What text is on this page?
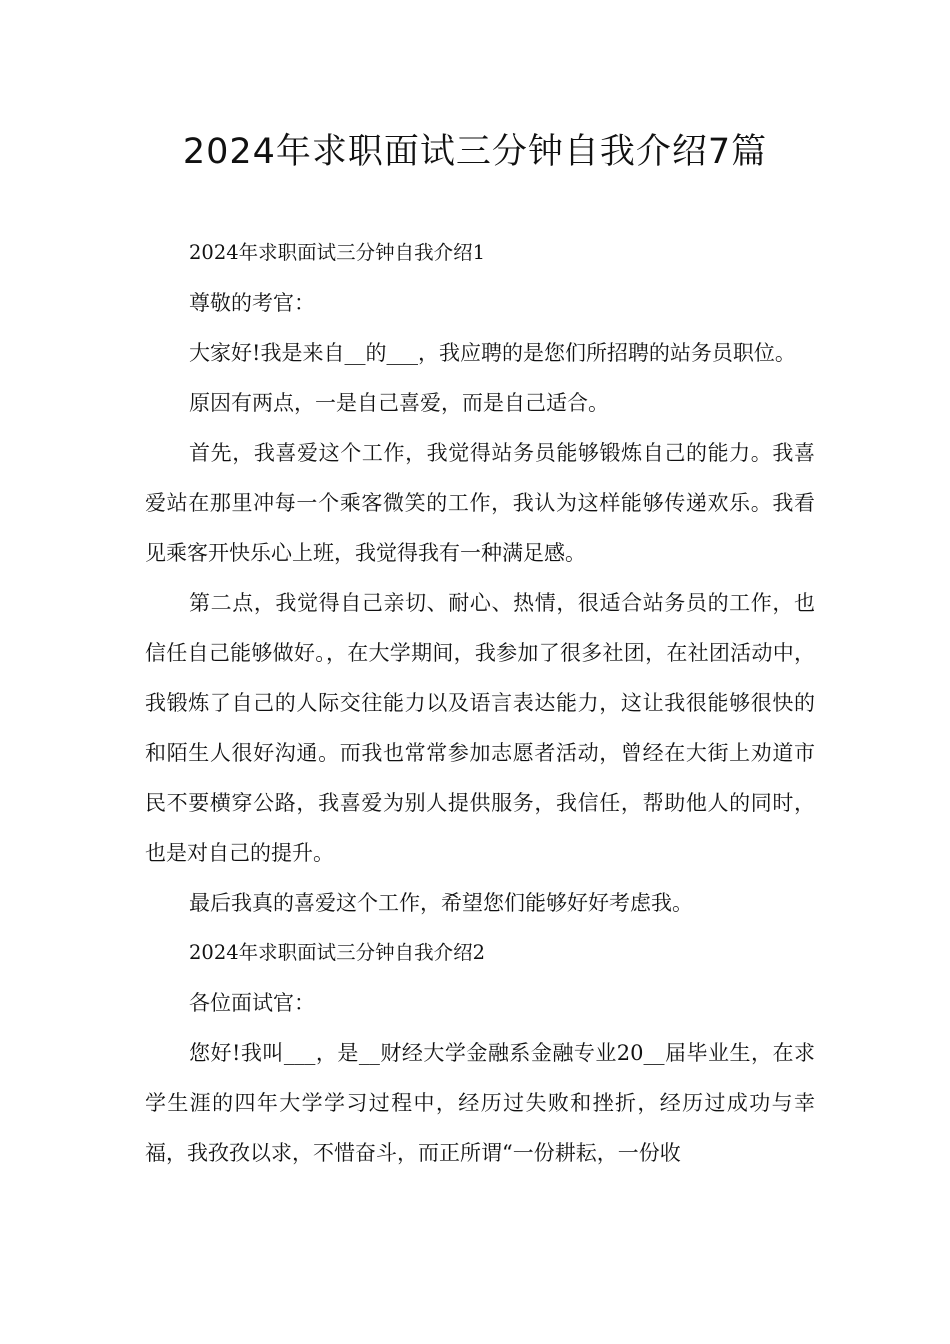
2024年求职面试三分钟自我介绍7篇

2024年求职面试三分钟自我介绍1

尊敬的考官：

大家好!我是来自__的___，我应聘的是您们所招聘的站务员职位。

原因有两点，一是自己喜爱，而是自己适合。

首先，我喜爱这个工作，我觉得站务员能够锻炼自己的能力。我喜爱站在那里冲每一个乘客微笑的工作，我认为这样能够传递欢乐。我看见乘客开快乐心上班，我觉得我有一种满足感。

第二点，我觉得自己亲切、耐心、热情，很适合站务员的工作，也信任自己能够做好。，在大学期间，我参加了很多社团，在社团活动中，我锻炼了自己的人际交往能力以及语言表达能力，这让我很能够很快的和陌生人很好沟通。而我也常常参加志愿者活动，曾经在大街上劝道市民不要横穿公路，我喜爱为别人提供服务，我信任，帮助他人的同时，也是对自己的提升。

最后我真的喜爱这个工作，希望您们能够好好考虑我。

2024年求职面试三分钟自我介绍2

各位面试官：

您好!我叫___，是__财经大学金融系金融专业20__届毕业生，在求学生涯的四年大学学习过程中，经历过失败和挫折，经历过成功与幸福，我孜孜以求，不惜奋斗，而正所谓“一份耕耘，一份收
